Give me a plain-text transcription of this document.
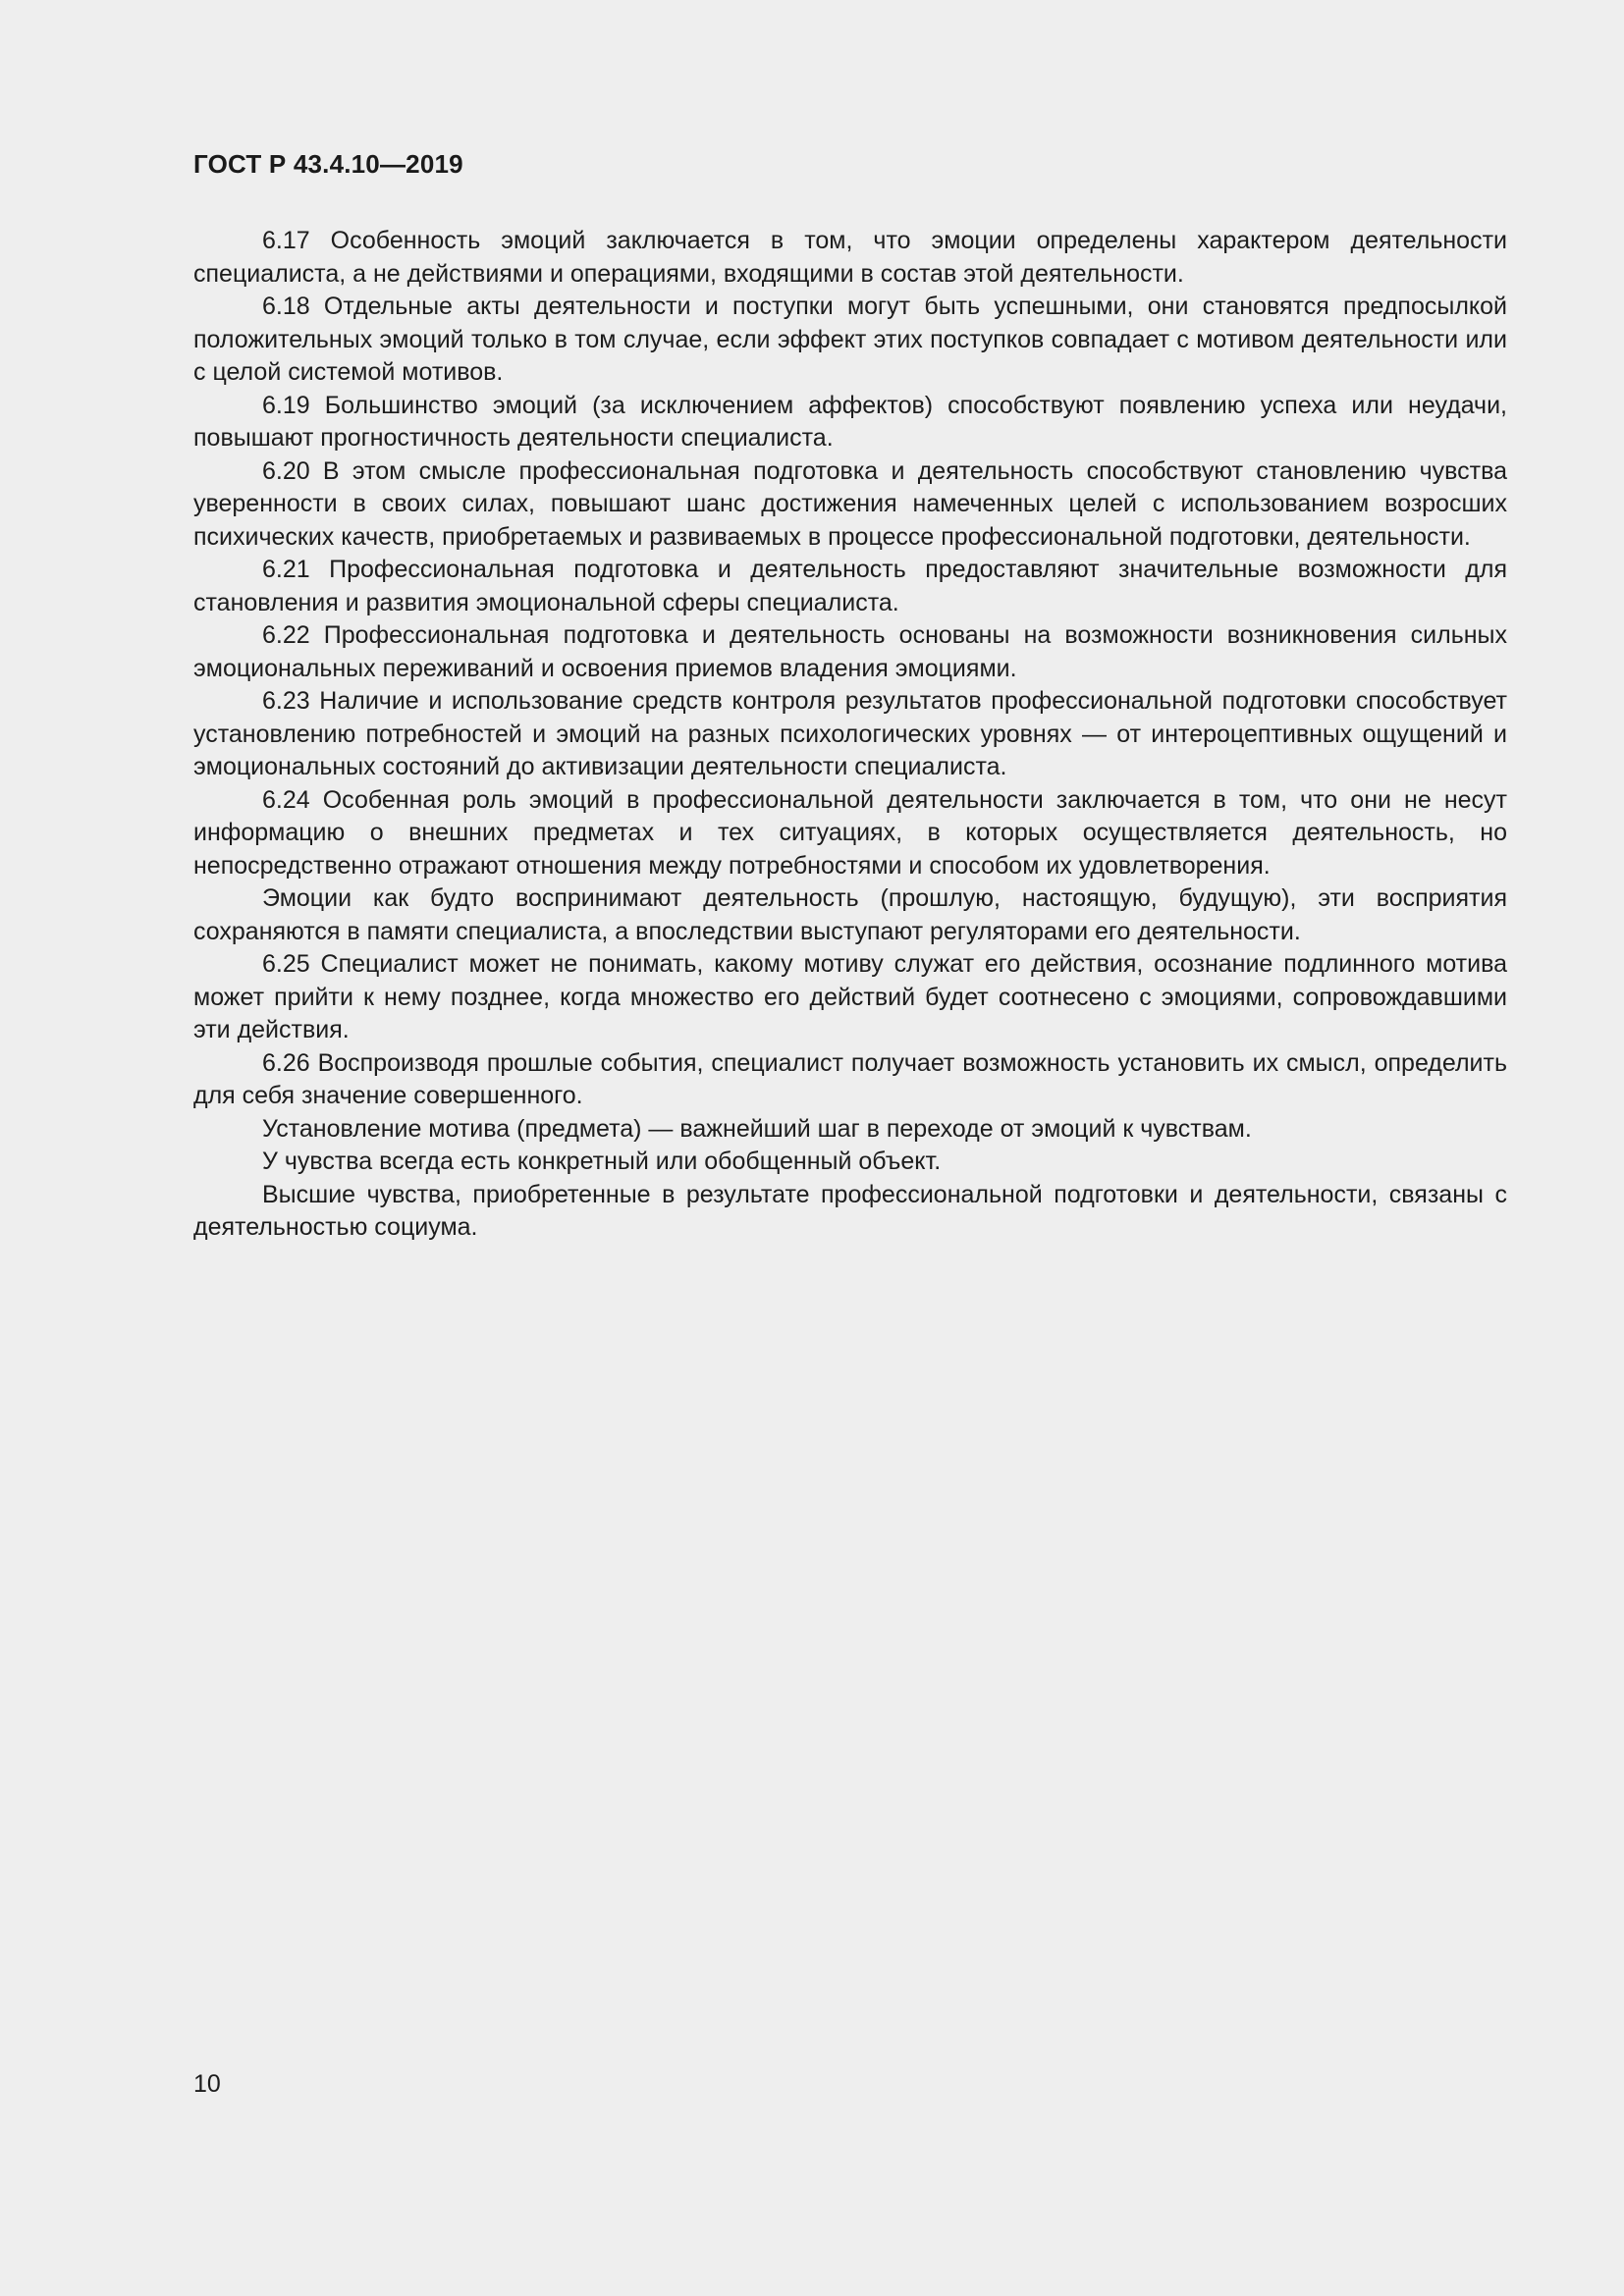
ГОСТ Р 43.4.10—2019

6.17 Особенность эмоций заключается в том, что эмоции определены характером деятельности специалиста, а не действиями и операциями, входящими в состав этой деятельности.

6.18 Отдельные акты деятельности и поступки могут быть успешными, они становятся предпосылкой положительных эмоций только в том случае, если эффект этих поступков совпадает с мотивом деятельности или с целой системой мотивов.

6.19 Большинство эмоций (за исключением аффектов) способствуют появлению успеха или неудачи, повышают прогностичность деятельности специалиста.

6.20 В этом смысле профессиональная подготовка и деятельность способствуют становлению чувства уверенности в своих силах, повышают шанс достижения намеченных целей с использованием возросших психических качеств, приобретаемых и развиваемых в процессе профессиональной подготовки, деятельности.

6.21 Профессиональная подготовка и деятельность предоставляют значительные возможности для становления и развития эмоциональной сферы специалиста.

6.22 Профессиональная подготовка и деятельность основаны на возможности возникновения сильных эмоциональных переживаний и освоения приемов владения эмоциями.

6.23 Наличие и использование средств контроля результатов профессиональной подготовки способствует установлению потребностей и эмоций на разных психологических уровнях — от интероцептивных ощущений и эмоциональных состояний до активизации деятельности специалиста.

6.24 Особенная роль эмоций в профессиональной деятельности заключается в том, что они не несут информацию о внешних предметах и тех ситуациях, в которых осуществляется деятельность, но непосредственно отражают отношения между потребностями и способом их удовлетворения.

Эмоции как будто воспринимают деятельность (прошлую, настоящую, будущую), эти восприятия сохраняются в памяти специалиста, а впоследствии выступают регуляторами его деятельности.

6.25 Специалист может не понимать, какому мотиву служат его действия, осознание подлинного мотива может прийти к нему позднее, когда множество его действий будет соотнесено с эмоциями, сопровождавшими эти действия.

6.26 Воспроизводя прошлые события, специалист получает возможность установить их смысл, определить для себя значение совершенного.

Установление мотива (предмета) — важнейший шаг в переходе от эмоций к чувствам.

У чувства всегда есть конкретный или обобщенный объект.

Высшие чувства, приобретенные в результате профессиональной подготовки и деятельности, связаны с деятельностью социума.

10
